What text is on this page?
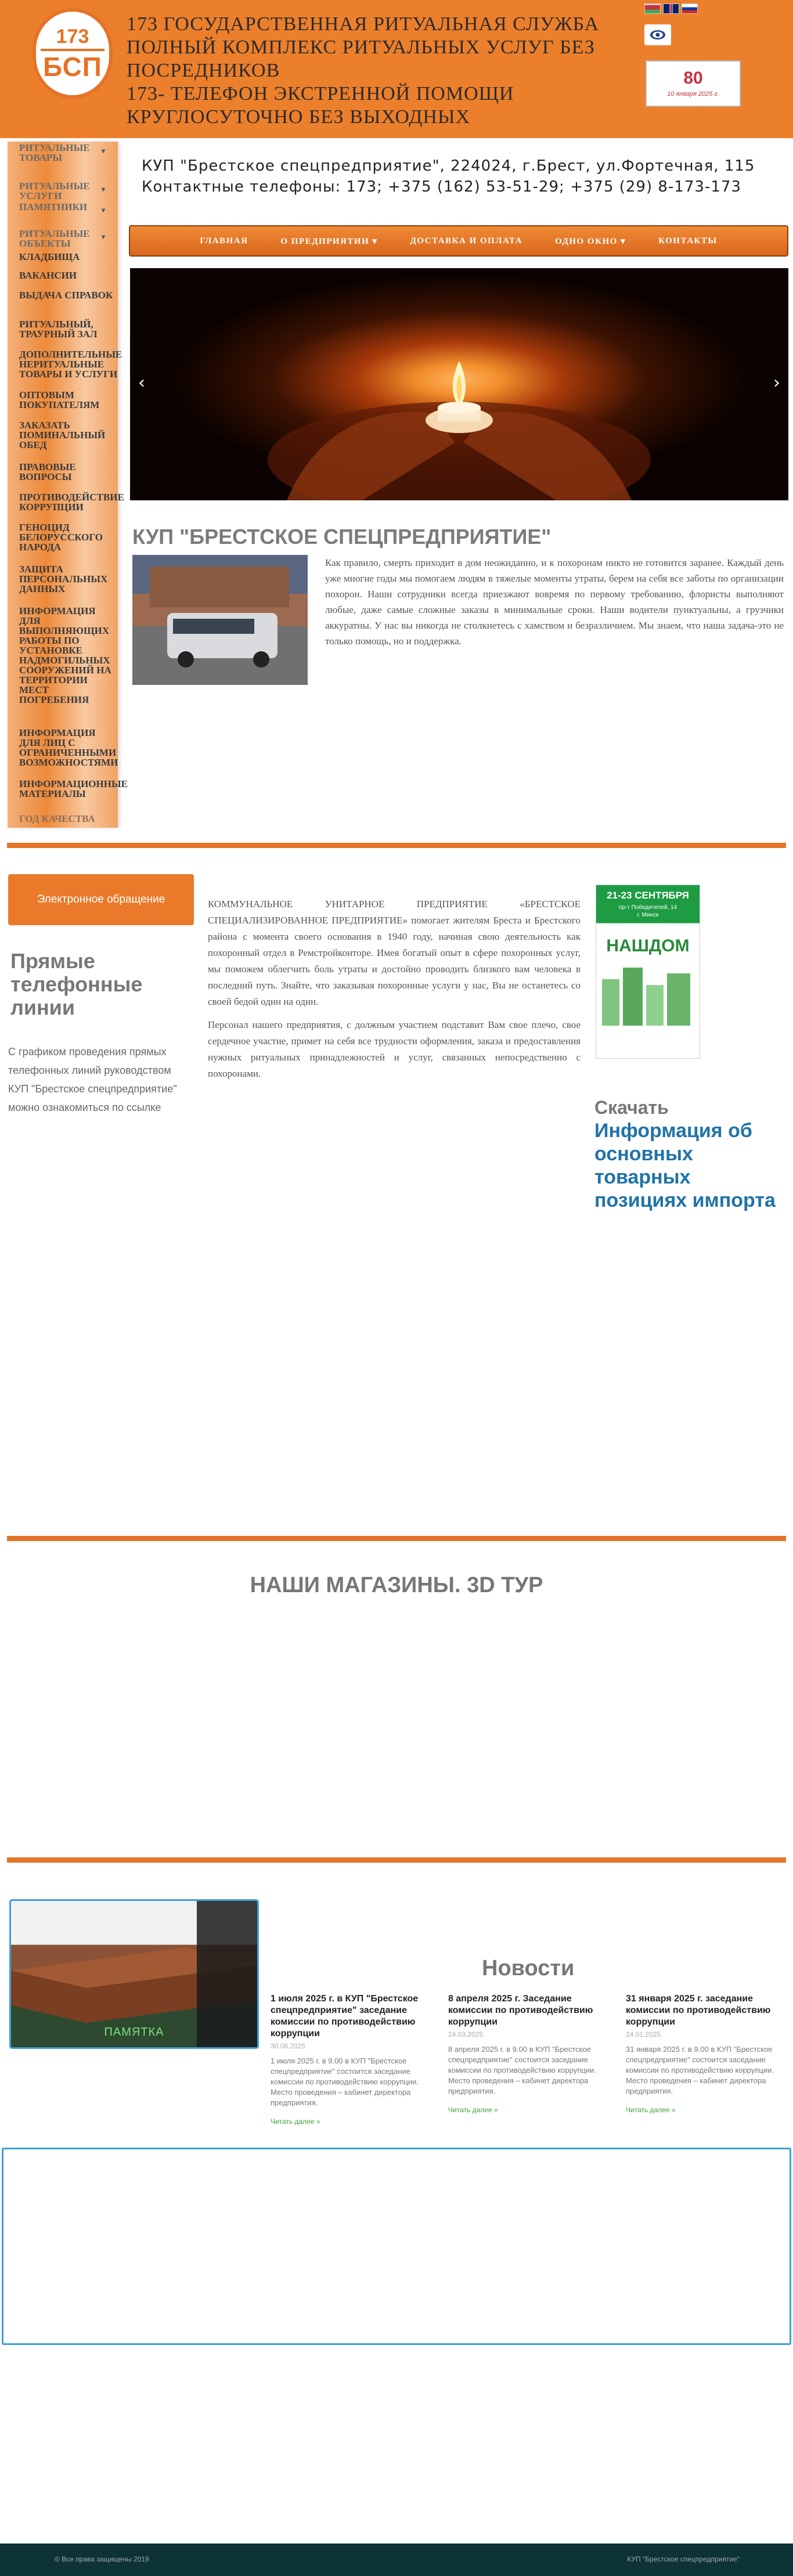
173
БСП
173 ГОСУДАРСТВЕННАЯ РИТУАЛЬНАЯ СЛУЖБА
ПОЛНЫЙ КОМПЛЕКС РИТУАЛЬНЫХ УСЛУГ БЕЗ ПОСРЕДНИКОВ
173- ТЕЛЕФОН ЭКСТРЕННОЙ ПОМОЩИ КРУГЛОСУТОЧНО БЕЗ ВЫХОДНЫХ
80
10 января 2025 г.
РИТУАЛЬНЫЕ ТОВАРЫ
▾
РИТУАЛЬНЫЕ УСЛУГИ
▾
ПАМЯТНИКИ ▾
РИТУАЛЬНЫЕ ОБЪЕКТЫ
▾
КЛАДБИЩА
ВАКАНСИИ
ВЫДАЧА СПРАВОК
РИТУАЛЬНЫЙ, ТРАУРНЫЙ ЗАЛ
ДОПОЛНИТЕЛЬНЫЕ НЕРИТУАЛЬНЫЕ ТОВАРЫ И УСЛУГИ
ОПТОВЫМ ПОКУПАТЕЛЯМ
ЗАКАЗАТЬ ПОМИНАЛЬНЫЙ ОБЕД
ПРАВОВЫЕ ВОПРОСЫ
ПРОТИВОДЕЙСТВИЕ КОРРУПЦИИ
ГЕНОЦИД БЕЛОРУССКОГО НАРОДА
ЗАЩИТА ПЕРСОНАЛЬНЫХ ДАННЫХ
ИНФОРМАЦИЯ ДЛЯ ВЫПОЛНЯЮЩИХ РАБОТЫ ПО УСТАНОВКЕ НАДМОГИЛЬНЫХ СООРУЖЕНИЙ НА ТЕРРИТОРИИ МЕСТ ПОГРЕБЕНИЯ
ИНФОРМАЦИЯ ДЛЯ ЛИЦ С ОГРАНИЧЕННЫМИ ВОЗМОЖНОСТЯМИ
ИНФОРМАЦИОННЫЕ МАТЕРИАЛЫ
ГОД КАЧЕСТВА
КУП "Брестское спецпредприятие", 224024, г.Брест, ул.Фортечная, 115
Контактные телефоны: 173; +375 (162) 53-51-29; +375 (29) 8-173-173
ГЛАВНАЯ	О ПРЕДПРИЯТИИ ▾	ДОСТАВКА И ОПЛАТА	ОДНО ОКНО ▾	КОНТАКТЫ
‹	›
КУП "БРЕСТСКОЕ СПЕЦПРЕДПРИЯТИЕ"
Как правило, смерть приходит в дом неожиданно, и к похоронам никто не готовится заранее. Каждый день уже многие годы мы помогаем людям в тяжелые моменты утраты, берем на себя все заботы по организации похорон. Наши сотрудники всегда приезжают вовремя по первому требованию, флористы выполняют любые, даже самые сложные заказы в минимальные сроки. Наши водители пунктуальны, а грузчики аккуратны. У нас вы никогда не столкнетесь с хамством и безразличием. Мы знаем, что наша задача-это не только помощь, но и поддержка.
Электронное обращение
Прямые телефонные линии
С графиком проведения прямых телефонных линий руководством КУП "Брестское спецпредприятие" можно ознакомиться по ссылке

КОММУНАЛЬНОЕ УНИТАРНОЕ ПРЕДПРИЯТИЕ «БРЕСТСКОЕ СПЕЦИАЛИЗИРОВАННОЕ ПРЕДПРИЯТИЕ» помогает жителям Бреста и Брестского района с момента своего основания в 1940 году, начиная свою деятельность как похоронный отдел в Ремстройконторе. Имея богатый опыт в сфере похоронных услуг, мы поможем облегчить боль утраты и достойно проводить близкого вам человека в последний путь. Знайте, что заказывая похоронные услуги у нас, Вы не останетесь со своей бедой один на один.

Персонал нашего предприятия, с должным участием подставит Вам свое плечо, свое сердечное участие, примет на себя все трудности оформления, заказа и предоставления нужных ритуальных принадлежностей и услуг, связанных непосредственно с похоронами.

21-23 СЕНТЯБРЯ
пр-т Победителей, 14
г. Минск
НАШДОМ
Скачать
Информация об основных товарных позициях импорта
НАШИ МАГАЗИНЫ. 3D ТУР
ПАМЯТКА
Новости
1 июля 2025 г. в КУП "Брестское спецпредприятие" заседание комиссии по противодействию коррупции
30.06.2025
1 июля 2025 г. в 9.00 в КУП "Брестское спецпредприятие" состоится заседание комиссии по противодействию коррупции. Место проведения – кабинет директора предприятия.
Читать далее »
8 апреля 2025 г. Заседание комиссии по противодействию коррупции
24.03.2025
8 апреля 2025 г. в 9.00 в КУП "Брестское спецпредприятие" состоится заседание комиссии по противодействию коррупции. Место проведения – кабинет директора предприятия.
Читать далее »
31 января 2025 г. заседание комиссии по противодействию коррупции
24.01.2025
31 января 2025 г. в 9.00 в КУП "Брестское спецпредприятие" состоится заседание комиссии по противодействию коррупции. Место проведения – кабинет директора предприятия.
Читать далее »
© Все права защищены 2019	КУП "Брестское спецпредприятие"
